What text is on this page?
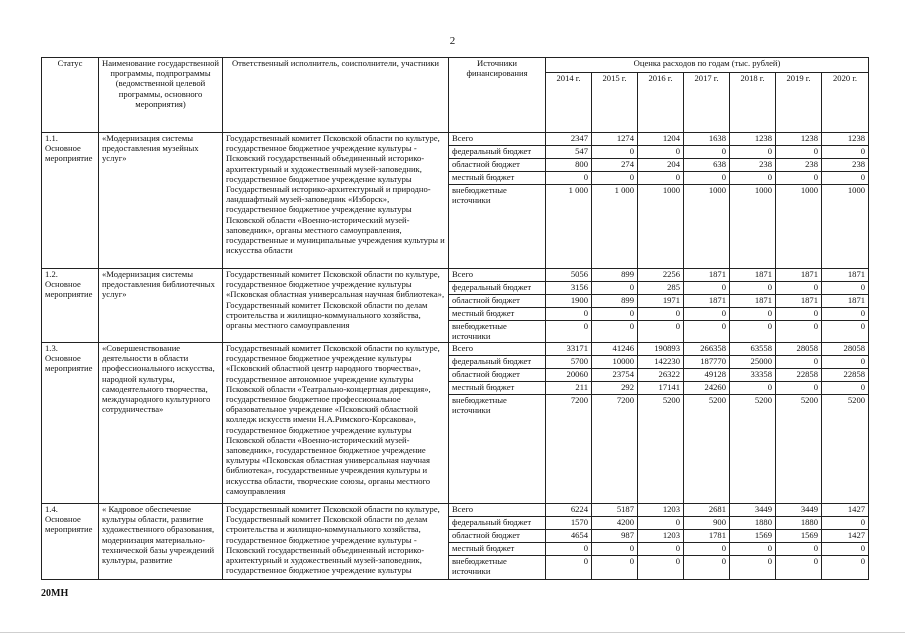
2
Статус	Наименование государственной программы, подпрограммы (ведомственной целевой программы, основного мероприятия)	Ответственный исполнитель, соисполнители, участники	Источники финансирования	Оценка расходов по годам (тыс. рублей)						
				2014 г.	2015 г.	2016 г.	2017 г.	2018 г.	2019 г.	2020 г.
1.1. Основное мероприятие	«Модернизация системы предоставления музейных услуг»	Государственный комитет Псковской области по культуре, государственное бюджетное учреждение культуры - Псковский государственный объединенный историко-архитектурный и художественный музей-заповедник, государственное бюджетное учреждение культуры Государственный историко-архитектурный и природно-ландшафтный музей-заповедник «Изборск», государственное бюджетное учреждение культуры Псковской области «Военно-исторический музей-заповедник», органы местного самоуправления, государственные и муниципальные учреждения культуры и искусства области	Всего	2347	1274	1204	1638	1238	1238	1238
			федеральный бюджет	547	0	0	0	0	0	0
			областной бюджет	800	274	204	638	238	238	238
			местный бюджет	0	0	0	0	0	0	0
			внебюджетные источники	1 000	1 000	1000	1000	1000	1000	1000
1.2. Основное мероприятие	«Модернизация системы предоставления библиотечных услуг»	Государственный комитет Псковской области по культуре, государственное бюджетное учреждение культуры «Псковская областная универсальная научная библиотека», Государственный комитет Псковской области по делам строительства и жилищно-коммунального хозяйства, органы местного самоуправления	Всего	5056	899	2256	1871	1871	1871	1871
			федеральный бюджет	3156	0	285	0	0	0	0
			областной бюджет	1900	899	1971	1871	1871	1871	1871
			местный бюджет	0	0	0	0	0	0	0
			внебюджетные источники	0	0	0	0	0	0	0
1.3. Основное мероприятие	«Совершенствование деятельности в области профессионального искусства, народной культуры, самодеятельного творчества, международного культурного сотрудничества»	Государственный комитет Псковской области по культуре, государственное бюджетное учреждение культуры «Псковский областной центр народного творчества», государственное автономное учреждение культуры Псковской области «Театрально-концертная дирекция», государственное бюджетное профессиональное образовательное учреждение «Псковский областной колледж искусств имени Н.А.Римского-Корсакова», государственное бюджетное учреждение культуры Псковской области «Военно-исторический музей-заповедник», государственное бюджетное учреждение культуры «Псковская областная универсальная научная библиотека», государственные учреждения культуры и искусства области, творческие союзы, органы местного самоуправления	Всего	33171	41246	190893	266358	63558	28058	28058
			федеральный бюджет	5700	10000	142230	187770	25000	0	0
			областной бюджет	20060	23754	26322	49128	33358	22858	22858
			местный бюджет	211	292	17141	24260	0	0	0
			внебюджетные источники	7200	7200	5200	5200	5200	5200	5200
1.4. Основное мероприятие	« Кадровое обеспечение культуры области, развитие художественного образования, модернизация материально-технической базы учреждений культуры, развитие	Государственный комитет Псковской области по культуре, Государственный комитет Псковской области по делам строительства и жилищно-коммунального хозяйства, государственное бюджетное учреждение культуры - Псковский государственный объединенный историко-архитектурный и художественный музей-заповедник, государственное бюджетное учреждение культуры	Всего	6224	5187	1203	2681	3449	3449	1427
			федеральный бюджет	1570	4200	0	900	1880	1880	0
			областной бюджет	4654	987	1203	1781	1569	1569	1427
			местный бюджет	0	0	0	0	0	0	0
			внебюджетные источники	0	0	0	0	0	0	0
20МН
